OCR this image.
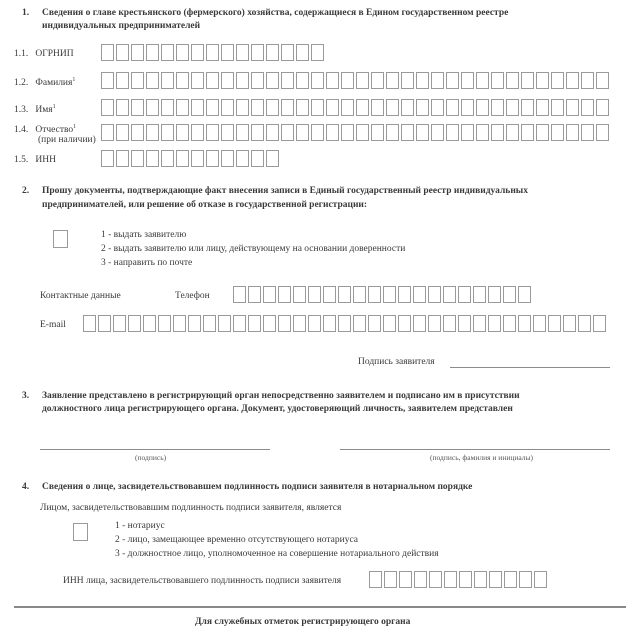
1. Сведения о главе крестьянского (фермерского) хозяйства, содержащиеся в Едином государственном реестре
индивидуальных предпринимателей
1.1. ОГРНИП
1.2. Фамилия$^1$
1.3. Имя$^1$
1.4. Отчество$^1$
(при наличии)
1.5. ИНН
2. Прошу документы, подтверждающие факт внесения записи в Единый государственный реестр индивидуальных
предпринимателей, или решение об отказе в государственной регистрации:
1 - выдать заявителю
2 - выдать заявителю или лицу, действующему на основании доверенности
3 - направить по почте
Контактные данные	Телефон
E-mail
Подпись заявителя
3. Заявление представлено в регистрирующий орган непосредственно заявителем и подписано им в присутствии
должностного лица регистрирующего органа. Документ, удостоверяющий личность, заявителем представлен
(подпись)	(подпись, фамилия и инициалы)
4. Сведения о лице, засвидетельствовавшем подлинность подписи заявителя в нотариальном порядке
Лицом, засвидетельствовавшим подлинность подписи заявителя, является
1 - нотариус
2 - лицо, замещающее временно отсутствующего нотариуса
3 - должностное лицо, уполномоченное на совершение нотариального действия
ИНН лица, засвидетельствовавшего подлинность подписи заявителя
Для служебных отметок регистрирующего органа
